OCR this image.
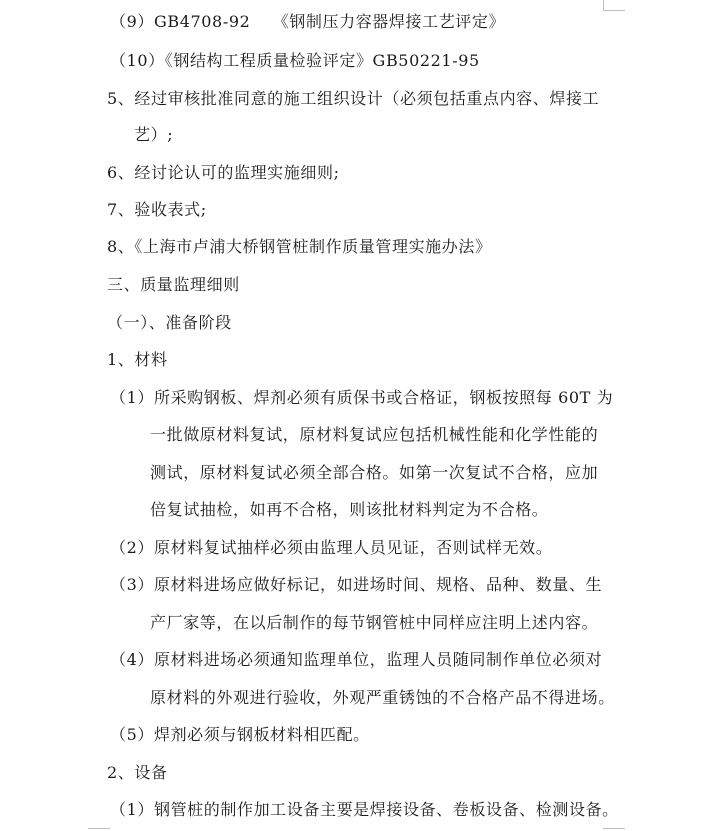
（9）GB4708-92　 《钢制压力容器焊接工艺评定》
（10）《钢结构工程质量检验评定》GB50221-95
5、经过审核批准同意的施工组织设计（必须包括重点内容、焊接工
艺）;
6、经讨论认可的监理实施细则;
7、验收表式;
8、《上海市卢浦大桥钢管桩制作质量管理实施办法》
三、质量监理细则
（一）、准备阶段
1、材料
（1）所采购钢板、焊剂必须有质保书或合格证，钢板按照每 60T 为
一批做原材料复试，原材料复试应包括机械性能和化学性能的
测试，原材料复试必须全部合格。如第一次复试不合格，应加
倍复试抽检，如再不合格，则该批材料判定为不合格。
（2）原材料复试抽样必须由监理人员见证，否则试样无效。
（3）原材料进场应做好标记，如进场时间、规格、品种、数量、生
产厂家等，在以后制作的每节钢管桩中同样应注明上述内容。
（4）原材料进场必须通知监理单位，监理人员随同制作单位必须对
原材料的外观进行验收，外观严重锈蚀的不合格产品不得进场。
（5）焊剂必须与钢板材料相匹配。
2、设备
（1）钢管桩的制作加工设备主要是焊接设备、卷板设备、检测设备。
